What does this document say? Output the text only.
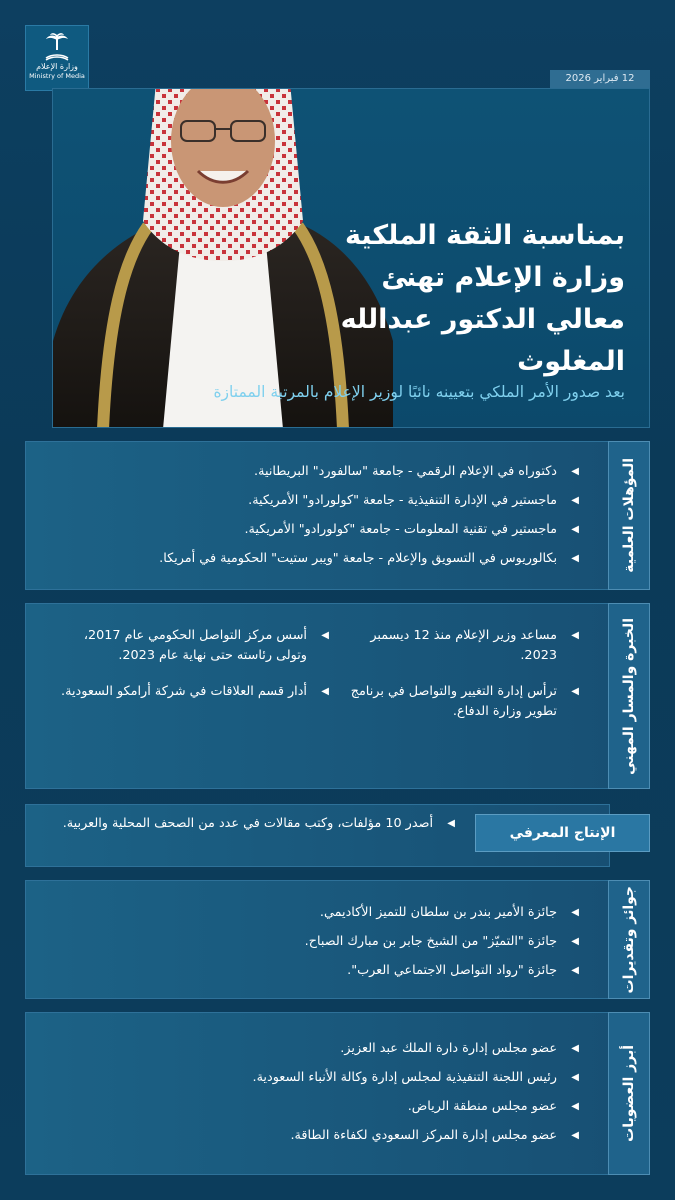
وزارة الإعلام
Ministry of Media	12 فبراير 2026
بمناسبة الثقة الملكية
وزارة الإعلام تهنئ
معالي الدكتور عبدالله المغلوث
بعد صدور الأمر الملكي بتعيينه نائبًا لوزير الإعلام بالمرتبة الممتازة
المؤهلات العلمية
◀
دكتوراه في الإعلام الرقمي - جامعة "سالفورد" البريطانية.
◀
ماجستير في الإدارة التنفيذية - جامعة "كولورادو" الأمريكية.
◀
ماجستير في تقنية المعلومات - جامعة "كولورادو" الأمريكية.
◀
بكالوريوس في التسويق والإعلام - جامعة "ويبر ستيت" الحكومية في أمريكا.
الخبرة والمسار المهني
◀
مساعد وزير الإعلام منذ 12 ديسمبر 2023.
◀
ترأس إدارة التغيير والتواصل في برنامج تطوير وزارة الدفاع.
◀
أسس مركز التواصل الحكومي عام 2017، وتولى رئاسته حتى نهاية عام 2023.
◀
أدار قسم العلاقات في شركة أرامكو السعودية.
الإنتاج المعرفي
◀
أصدر 10 مؤلفات، وكتب مقالات في عدد من الصحف المحلية والعربية.
جوائز وتقديرات
◀
جائزة الأمير بندر بن سلطان للتميز الأكاديمي.
◀
جائزة "التميّز" من الشيخ جابر بن مبارك الصباح.
◀
جائزة "رواد التواصل الاجتماعي العرب".
أبرز العضويات
◀
عضو مجلس إدارة دارة الملك عبد العزيز.
◀
رئيس اللجنة التنفيذية لمجلس إدارة وكالة الأنباء السعودية.
◀
عضو مجلس منطقة الرياض.
◀
عضو مجلس إدارة المركز السعودي لكفاءة الطاقة.
